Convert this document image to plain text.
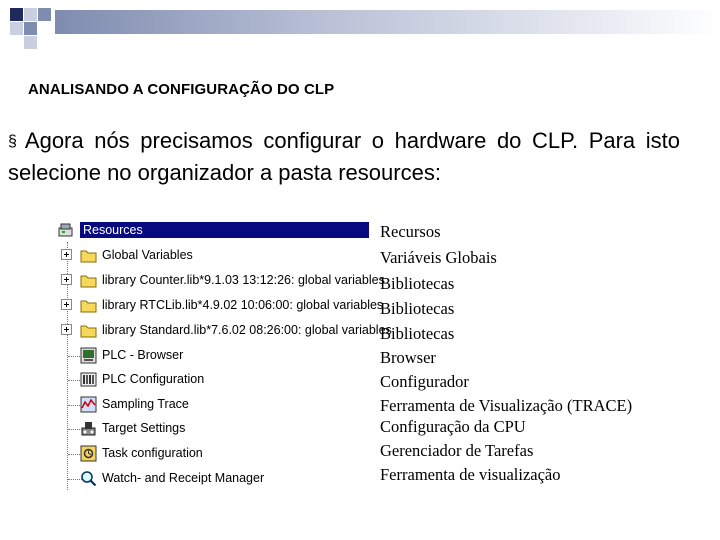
ANALISANDO A CONFIGURAÇÃO DO CLP
§ Agora nós precisamos configurar o hardware do CLP. Para isto selecione no organizador a pasta resources:
Resources
Global Variables
library Counter.lib*9.1.03 13:12:26: global variables
library RTCLib.lib*4.9.02 10:06:00: global variables
library Standard.lib*7.6.02 08:26:00: global variables
PLC - Browser
PLC Configuration
Sampling Trace
Target Settings
Task configuration
Watch- and Receipt Manager
Recursos
Variáveis Globais
Bibliotecas
Bibliotecas
Bibliotecas
Browser
Configurador
Ferramenta de Visualização (TRACE)
Configuração da CPU
Gerenciador de Tarefas
Ferramenta de visualização
